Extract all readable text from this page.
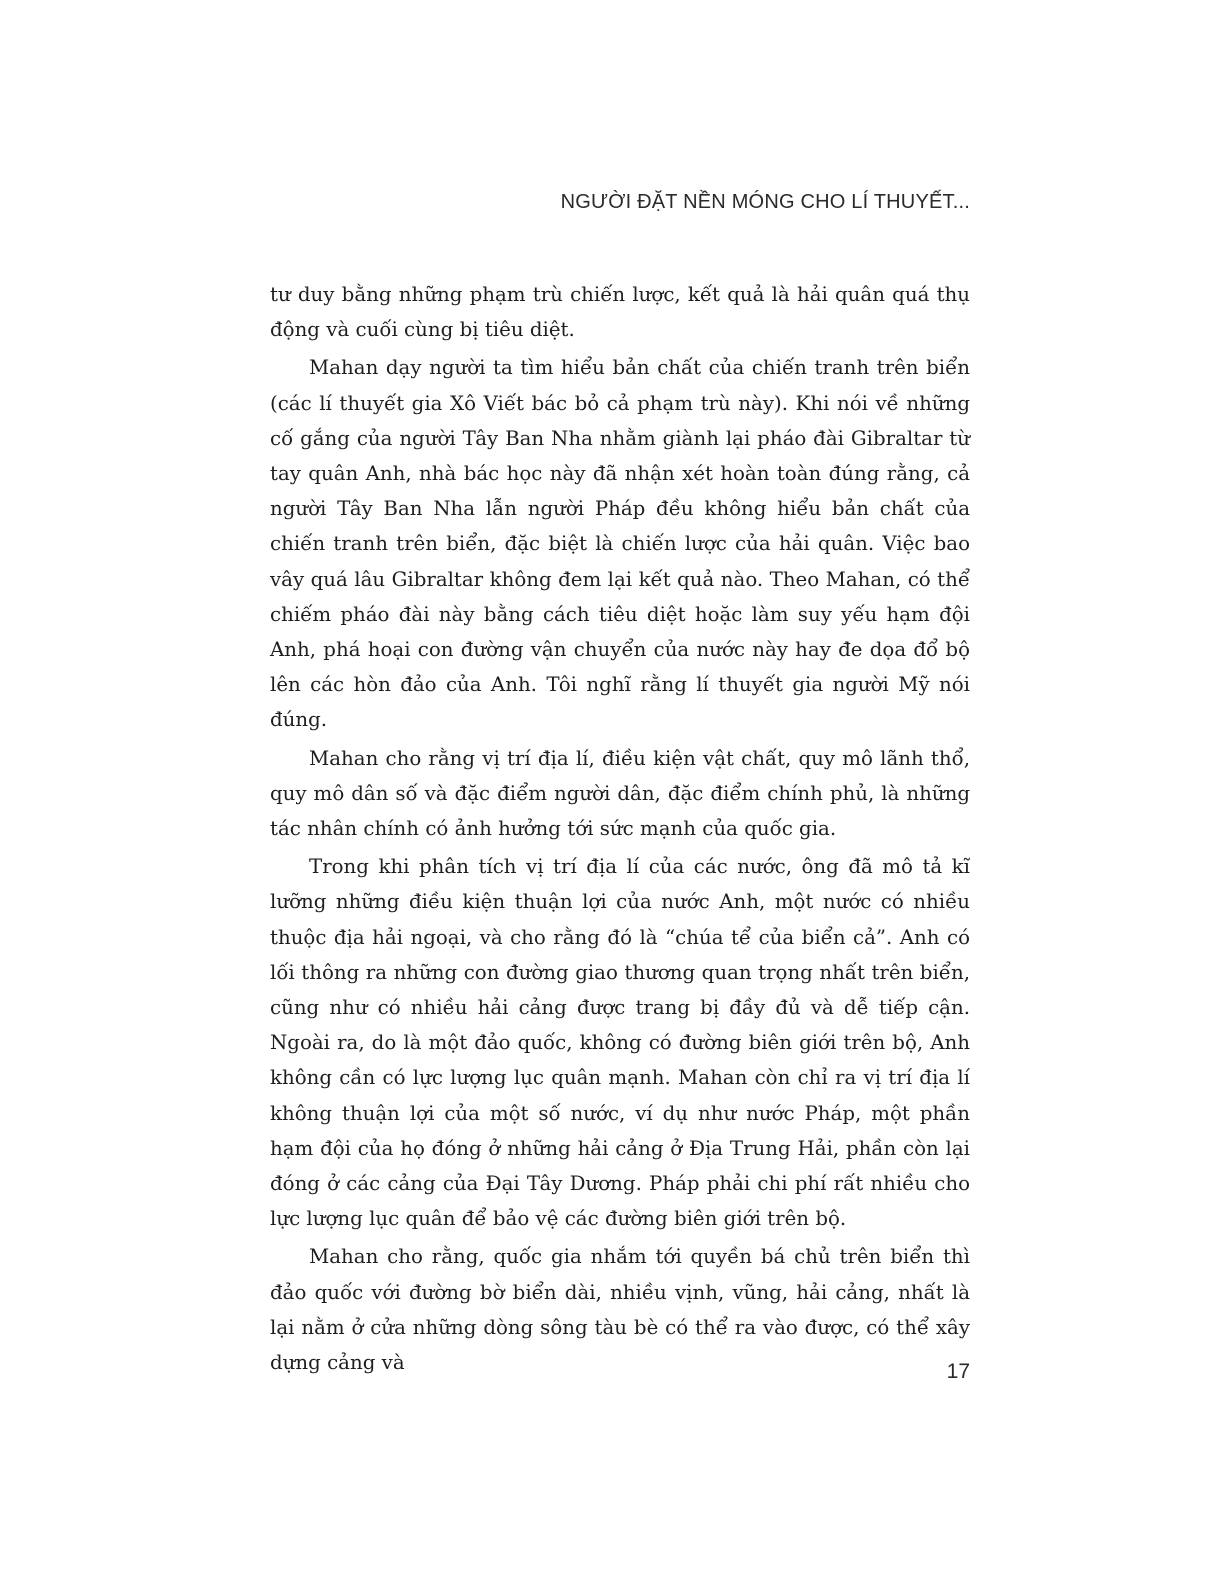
NGƯỜI ĐẶT NỀN MÓNG CHO LÍ THUYẾT...

tư duy bằng những phạm trù chiến lược, kết quả là hải quân quá thụ động và cuối cùng bị tiêu diệt.

Mahan dạy người ta tìm hiểu bản chất của chiến tranh trên biển (các lí thuyết gia Xô Viết bác bỏ cả phạm trù này). Khi nói về những cố gắng của người Tây Ban Nha nhằm giành lại pháo đài Gibraltar từ tay quân Anh, nhà bác học này đã nhận xét hoàn toàn đúng rằng, cả người Tây Ban Nha lẫn người Pháp đều không hiểu bản chất của chiến tranh trên biển, đặc biệt là chiến lược của hải quân. Việc bao vây quá lâu Gibraltar không đem lại kết quả nào. Theo Mahan, có thể chiếm pháo đài này bằng cách tiêu diệt hoặc làm suy yếu hạm đội Anh, phá hoại con đường vận chuyển của nước này hay đe dọa đổ bộ lên các hòn đảo của Anh. Tôi nghĩ rằng lí thuyết gia người Mỹ nói đúng.

Mahan cho rằng vị trí địa lí, điều kiện vật chất, quy mô lãnh thổ, quy mô dân số và đặc điểm người dân, đặc điểm chính phủ, là những tác nhân chính có ảnh hưởng tới sức mạnh của quốc gia.

Trong khi phân tích vị trí địa lí của các nước, ông đã mô tả kĩ lưỡng những điều kiện thuận lợi của nước Anh, một nước có nhiều thuộc địa hải ngoại, và cho rằng đó là “chúa tể của biển cả”. Anh có lối thông ra những con đường giao thương quan trọng nhất trên biển, cũng như có nhiều hải cảng được trang bị đầy đủ và dễ tiếp cận. Ngoài ra, do là một đảo quốc, không có đường biên giới trên bộ, Anh không cần có lực lượng lục quân mạnh. Mahan còn chỉ ra vị trí địa lí không thuận lợi của một số nước, ví dụ như nước Pháp, một phần hạm đội của họ đóng ở những hải cảng ở Địa Trung Hải, phần còn lại đóng ở các cảng của Đại Tây Dương. Pháp phải chi phí rất nhiều cho lực lượng lục quân để bảo vệ các đường biên giới trên bộ.

Mahan cho rằng, quốc gia nhắm tới quyền bá chủ trên biển thì đảo quốc với đường bờ biển dài, nhiều vịnh, vũng, hải cảng, nhất là lại nằm ở cửa những dòng sông tàu bè có thể ra vào được, có thể xây dựng cảng và	17
